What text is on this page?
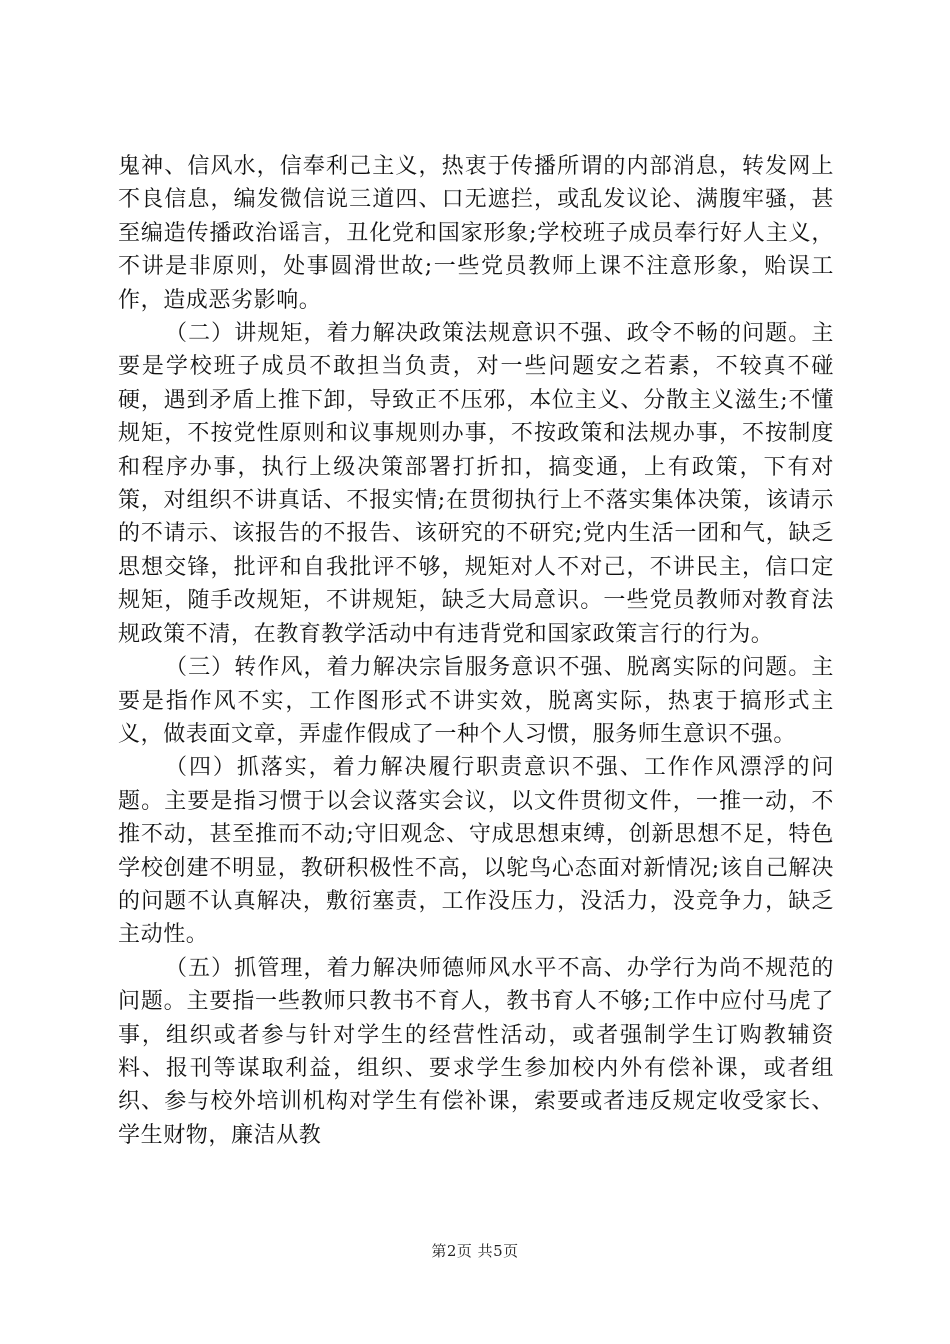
鬼神、信风水，信奉利己主义，热衷于传播所谓的内部消息，转发网上不良信息，编发微信说三道四、口无遮拦，或乱发议论、满腹牢骚，甚至编造传播政治谣言，丑化党和国家形象;学校班子成员奉行好人主义，不讲是非原则，处事圆滑世故;一些党员教师上课不注意形象，贻误工作，造成恶劣影响。

（二）讲规矩，着力解决政策法规意识不强、政令不畅的问题。主要是学校班子成员不敢担当负责，对一些问题安之若素，不较真不碰硬，遇到矛盾上推下卸，导致正不压邪，本位主义、分散主义滋生;不懂规矩，不按党性原则和议事规则办事，不按政策和法规办事，不按制度和程序办事，执行上级决策部署打折扣，搞变通，上有政策，下有对策，对组织不讲真话、不报实情;在贯彻执行上不落实集体决策，该请示的不请示、该报告的不报告、该研究的不研究;党内生活一团和气，缺乏思想交锋，批评和自我批评不够，规矩对人不对己，不讲民主，信口定规矩，随手改规矩，不讲规矩，缺乏大局意识。一些党员教师对教育法规政策不清，在教育教学活动中有违背党和国家政策言行的行为。

（三）转作风，着力解决宗旨服务意识不强、脱离实际的问题。主要是指作风不实，工作图形式不讲实效，脱离实际，热衷于搞形式主义，做表面文章，弄虚作假成了一种个人习惯，服务师生意识不强。

（四）抓落实，着力解决履行职责意识不强、工作作风漂浮的问题。主要是指习惯于以会议落实会议，以文件贯彻文件，一推一动，不推不动，甚至推而不动;守旧观念、守成思想束缚，创新思想不足，特色学校创建不明显，教研积极性不高，以鸵鸟心态面对新情况;该自己解决的问题不认真解决，敷衍塞责，工作没压力，没活力，没竞争力，缺乏主动性。

（五）抓管理，着力解决师德师风水平不高、办学行为尚不规范的问题。主要指一些教师只教书不育人，教书育人不够;工作中应付马虎了事，组织或者参与针对学生的经营性活动，或者强制学生订购教辅资料、报刊等谋取利益，组织、要求学生参加校内外有偿补课，或者组织、参与校外培训机构对学生有偿补课，索要或者违反规定收受家长、学生财物，廉洁从教

第2页 共5页
